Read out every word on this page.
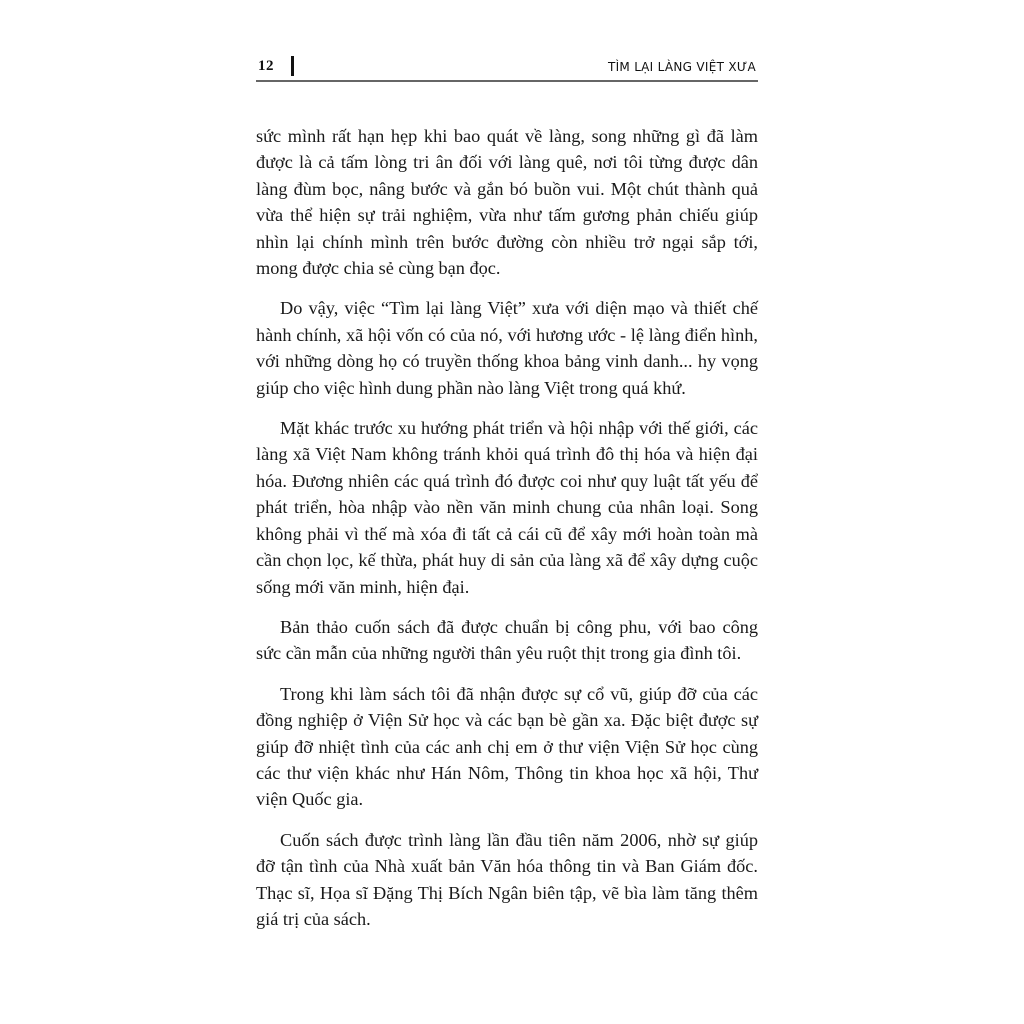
12	TÌM LẠI LÀNG VIỆT XƯA

sức mình rất hạn hẹp khi bao quát về làng, song những gì đã làm được là cả tấm lòng tri ân đối với làng quê, nơi tôi từng được dân làng đùm bọc, nâng bước và gắn bó buồn vui. Một chút thành quả vừa thể hiện sự trải nghiệm, vừa như tấm gương phản chiếu giúp nhìn lại chính mình trên bước đường còn nhiều trở ngại sắp tới, mong được chia sẻ cùng bạn đọc.

Do vậy, việc “Tìm lại làng Việt” xưa với diện mạo và thiết chế hành chính, xã hội vốn có của nó, với hương ước - lệ làng điển hình, với những dòng họ có truyền thống khoa bảng vinh danh... hy vọng giúp cho việc hình dung phần nào làng Việt trong quá khứ.

Mặt khác trước xu hướng phát triển và hội nhập với thế giới, các làng xã Việt Nam không tránh khỏi quá trình đô thị hóa và hiện đại hóa. Đương nhiên các quá trình đó được coi như quy luật tất yếu để phát triển, hòa nhập vào nền văn minh chung của nhân loại. Song không phải vì thế mà xóa đi tất cả cái cũ để xây mới hoàn toàn mà cần chọn lọc, kế thừa, phát huy di sản của làng xã để xây dựng cuộc sống mới văn minh, hiện đại.

Bản thảo cuốn sách đã được chuẩn bị công phu, với bao công sức cần mẫn của những người thân yêu ruột thịt trong gia đình tôi.

Trong khi làm sách tôi đã nhận được sự cổ vũ, giúp đỡ của các đồng nghiệp ở Viện Sử học và các bạn bè gần xa. Đặc biệt được sự giúp đỡ nhiệt tình của các anh chị em ở thư viện Viện Sử học cùng các thư viện khác như Hán Nôm, Thông tin khoa học xã hội, Thư viện Quốc gia.

Cuốn sách được trình làng lần đầu tiên năm 2006, nhờ sự giúp đỡ tận tình của Nhà xuất bản Văn hóa thông tin và Ban Giám đốc. Thạc sĩ, Họa sĩ Đặng Thị Bích Ngân biên tập, vẽ bìa làm tăng thêm giá trị của sách.
